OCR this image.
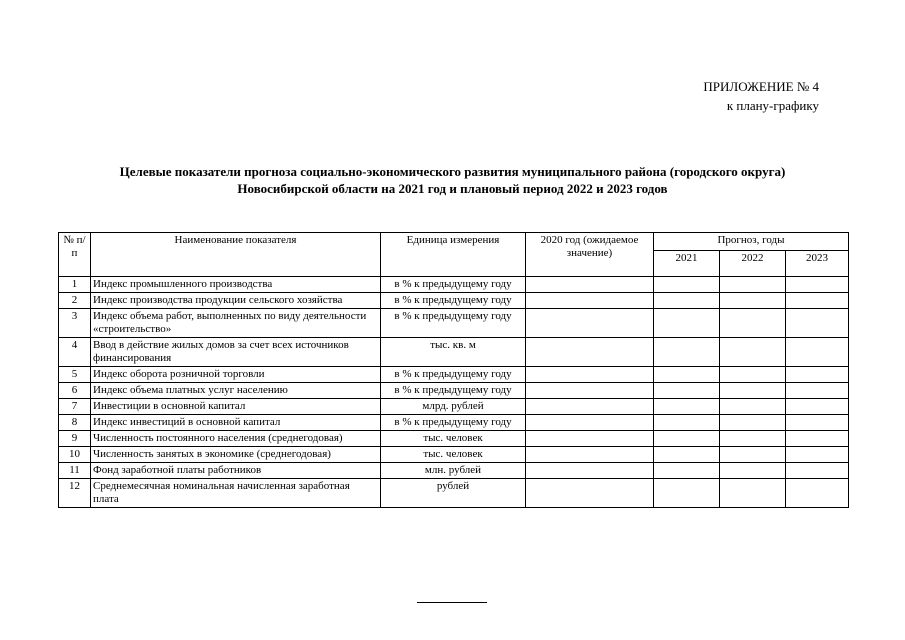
ПРИЛОЖЕНИЕ № 4
к плану-графику
Целевые показатели прогноза социально-экономического развития муниципального района (городского округа)
Новосибирской области на 2021 год и плановый период 2022 и 2023 годов
№ п/п	Наименование показателя	Единица измерения	2020 год (ожидаемое значение)	Прогноз, годы		
				2021	2022	2023
1	Индекс промышленного производства	в % к предыдущему году				
2	Индекс производства продукции сельского хозяйства	в % к предыдущему году				
3	Индекс объема работ, выполненных по виду деятельности «строительство»	в % к предыдущему году				
4	Ввод в действие жилых домов за счет всех источников финансирования	тыс. кв. м				
5	Индекс оборота розничной торговли	в % к предыдущему году				
6	Индекс объема платных услуг населению	в % к предыдущему году				
7	Инвестиции в основной капитал	млрд. рублей				
8	Индекс инвестиций в основной капитал	в % к предыдущему году				
9	Численность постоянного населения (среднегодовая)	тыс. человек				
10	Численность занятых в экономике (среднегодовая)	тыс. человек				
11	Фонд заработной платы работников	млн. рублей				
12	Среднемесячная номинальная начисленная заработная плата	рублей				
